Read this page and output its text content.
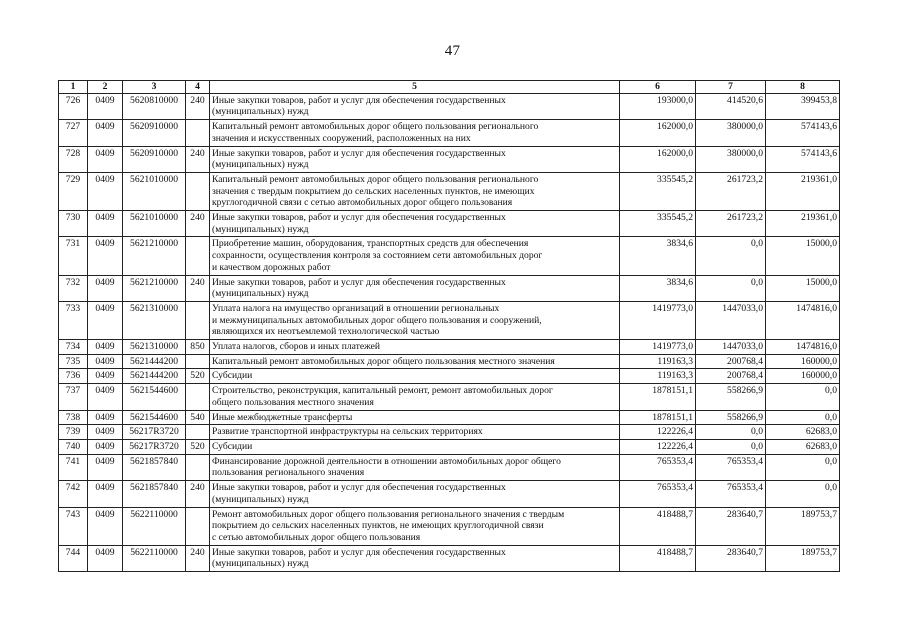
47
1	2	3	4	5	6	7	8
726	0409	5620810000	240	Иные закупки товаров, работ и услуг для обеспечения государственных
(муниципальных) нужд	193000,0	414520,6	399453,8
727	0409	5620910000		Капитальный ремонт автомобильных дорог общего пользования регионального
значения и искусственных сооружений, расположенных на них	162000,0	380000,0	574143,6
728	0409	5620910000	240	Иные закупки товаров, работ и услуг для обеспечения государственных
(муниципальных) нужд	162000,0	380000,0	574143,6
729	0409	5621010000		Капитальный ремонт автомобильных дорог общего пользования регионального
значения с твердым покрытием до сельских населенных пунктов, не имеющих
круглогодичной связи с сетью автомобильных дорог общего пользования	335545,2	261723,2	219361,0
730	0409	5621010000	240	Иные закупки товаров, работ и услуг для обеспечения государственных
(муниципальных) нужд	335545,2	261723,2	219361,0
731	0409	5621210000		Приобретение машин, оборудования, транспортных средств для обеспечения
сохранности, осуществления контроля за состоянием сети автомобильных дорог
и качеством дорожных работ	3834,6	0,0	15000,0
732	0409	5621210000	240	Иные закупки товаров, работ и услуг для обеспечения государственных
(муниципальных) нужд	3834,6	0,0	15000,0
733	0409	5621310000		Уплата налога на имущество организаций в отношении региональных
и межмуниципальных автомобильных дорог общего пользования и сооружений,
являющихся их неотъемлемой технологической частью	1419773,0	1447033,0	1474816,0
734	0409	5621310000	850	Уплата налогов, сборов и иных платежей	1419773,0	1447033,0	1474816,0
735	0409	5621444200		Капитальный ремонт автомобильных дорог общего пользования местного значения	119163,3	200768,4	160000,0
736	0409	5621444200	520	Субсидии	119163,3	200768,4	160000,0
737	0409	5621544600		Строительство, реконструкция, капитальный ремонт, ремонт автомобильных дорог
общего пользования местного значения	1878151,1	558266,9	0,0
738	0409	5621544600	540	Иные межбюджетные трансферты	1878151,1	558266,9	0,0
739	0409	56217R3720		Развитие транспортной инфраструктуры на сельских территориях	122226,4	0,0	62683,0
740	0409	56217R3720	520	Субсидии	122226,4	0,0	62683,0
741	0409	5621857840		Финансирование дорожной деятельности в отношении автомобильных дорог общего
пользования регионального значения	765353,4	765353,4	0,0
742	0409	5621857840	240	Иные закупки товаров, работ и услуг для обеспечения государственных
(муниципальных) нужд	765353,4	765353,4	0,0
743	0409	5622110000		Ремонт автомобильных дорог общего пользования регионального значения с твердым
покрытием до сельских населенных пунктов, не имеющих круглогодичной связи
с сетью автомобильных дорог общего пользования	418488,7	283640,7	189753,7
744	0409	5622110000	240	Иные закупки товаров, работ и услуг для обеспечения государственных
(муниципальных) нужд	418488,7	283640,7	189753,7
